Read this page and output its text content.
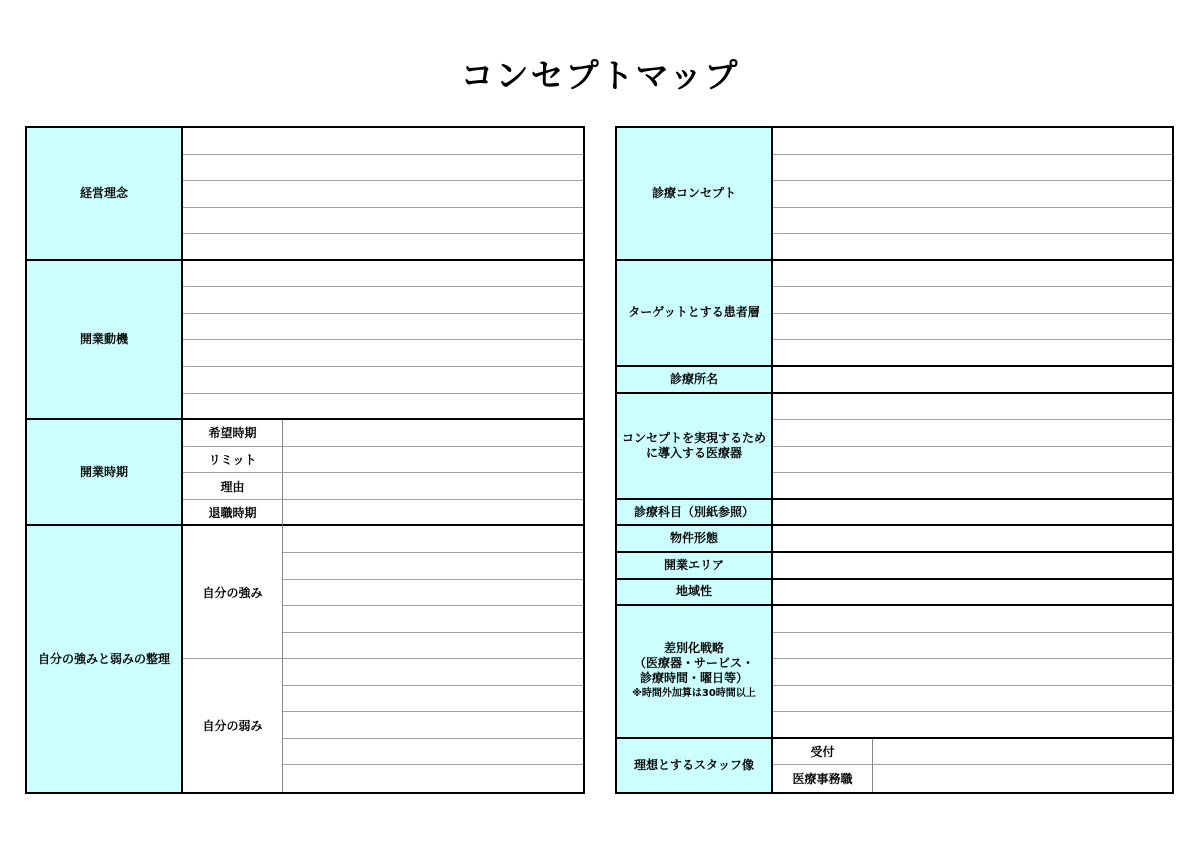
コンセプトマップ
経営理念
開業動機
開業時期
希望時期
リミット
理由
退職時期
自分の強みと弱みの整理
自分の強み
自分の弱み
診療コンセプト
ターゲットとする患者層
診療所名
コンセプトを実現するため
に導入する医療器
診療科目（別紙参照）
物件形態
開業エリア
地域性
差別化戦略
（医療器・サービス・
診療時間・曜日等）
※時間外加算は30時間以上
理想とするスタッフ像
受付
医療事務職
